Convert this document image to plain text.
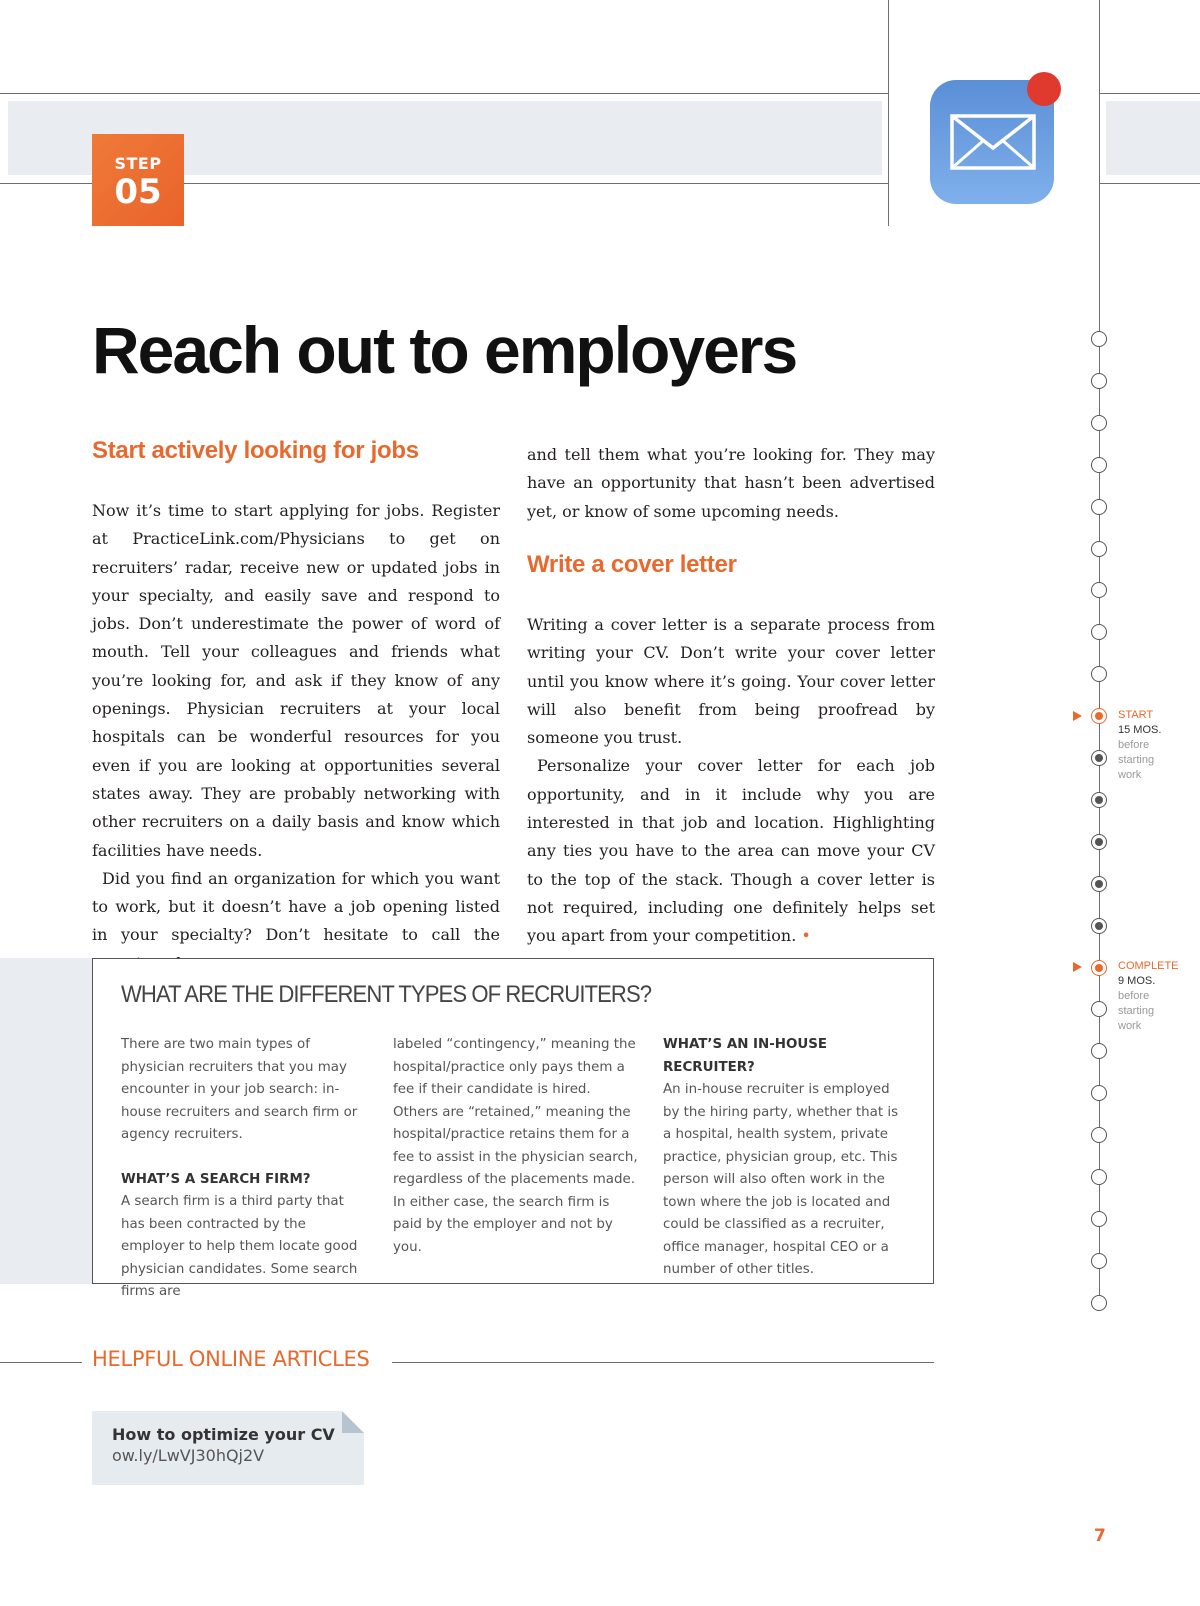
STEP
05
Reach out to employers
Start actively looking for jobs

Now it’s time to start applying for jobs. Register at PracticeLink.com/Physicians to get on recruiters’ radar, receive new or updated jobs in your specialty, and easily save and respond to jobs. Don’t underestimate the power of word of mouth. Tell your colleagues and friends what you’re looking for, and ask if they know of any openings. Physician recruiters at your local hospitals can be wonderful resources for you even if you are looking at opportunities several states away. They are probably networking with other recruiters on a daily basis and know which facilities have needs.

Did you find an organization for which you want to work, but it doesn’t have a job opening listed in your specialty? Don’t hesitate to call the

and tell them what you’re looking for. They may have an opportunity that hasn’t been advertised yet, or know of some upcoming needs.

Write a cover letter

Writing a cover letter is a separate process from writing your CV. Don’t write your cover letter until you know where it’s going. Your cover letter will also benefit from being proofread by someone you trust.

Personalize your cover letter for each job opportunity, and in it include why you are interested in that job and location. Highlighting any ties you have to the area can move your CV to the top of the stack. Though a cover letter is not required, including one definitely helps set you apart from your competition. •

WHAT ARE THE DIFFERENT TYPES OF RECRUITERS?

There are two main types of physician recruiters that you may encounter in your job search: in-house recruiters and search firm or agency recruiters.

WHAT’S A SEARCH FIRM?

A search firm is a third party that has been contracted by the employer to help them locate good physician candidates. Some search firms are

labeled “contingency,” meaning the hospital/practice only pays them a fee if their candidate is hired. Others are “retained,” meaning the hospital/practice retains them for a fee to assist in the physician search, regardless of the placements made. In either case, the search firm is paid by the employer and not by you.

WHAT’S AN IN-HOUSE RECRUITER?

An in-house recruiter is employed by the hiring party, whether that is a hospital, health system, private practice, physician group, etc. This person will also often work in the town where the job is located and could be classified as a recruiter, office manager, hospital CEO or a number of other titles.

HELPFUL ONLINE ARTICLES
How to optimize your CV
ow.ly/LwVJ30hQj2V
7
START
15 MOS.
before
starting
work
COMPLETE
9 MOS.
before
starting
work
